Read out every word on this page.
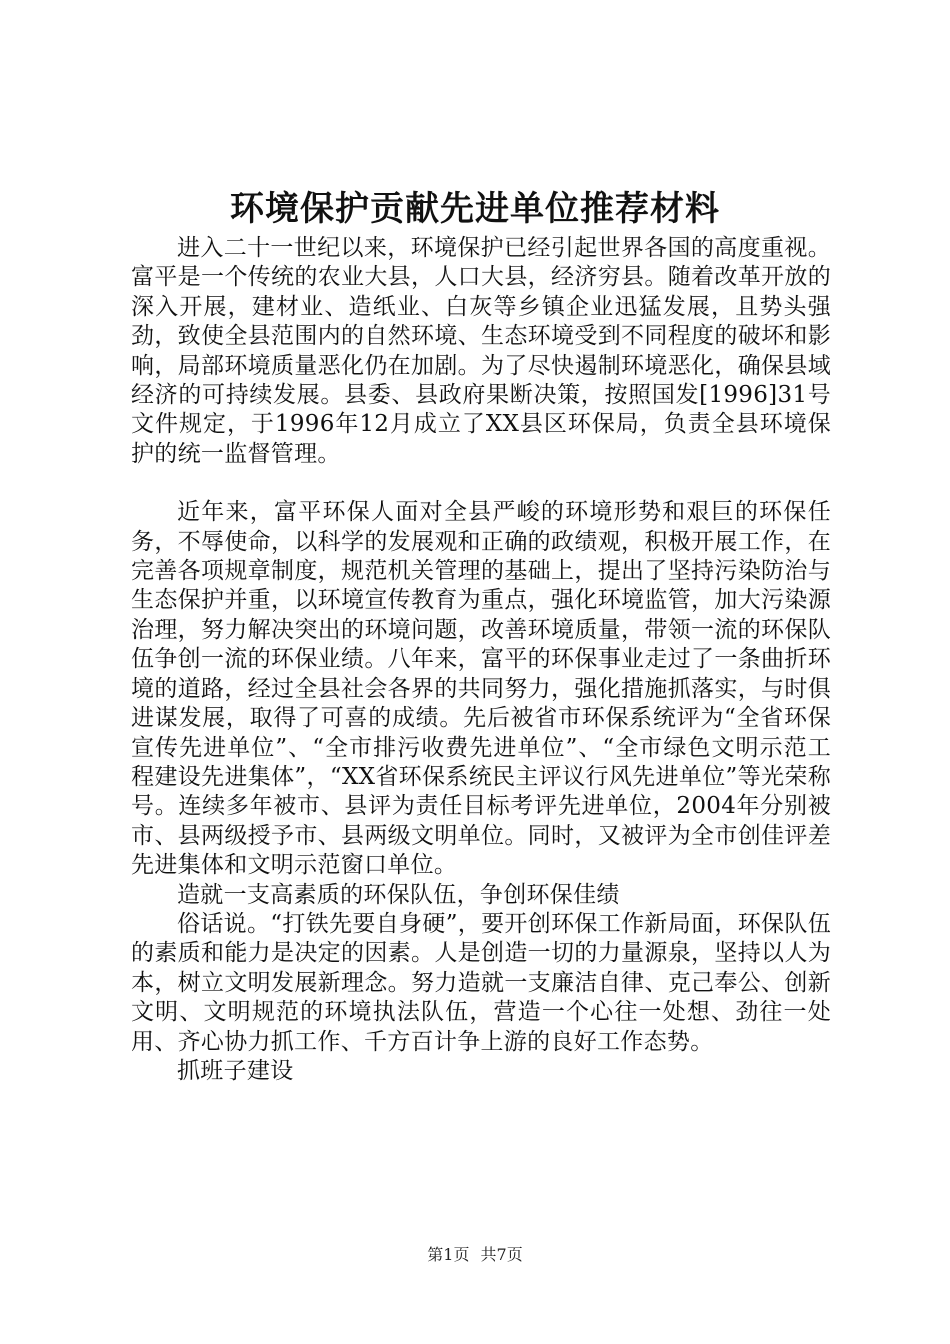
环境保护贡献先进单位推荐材料

进入二十一世纪以来，环境保护已经引起世界各国的高度重视。富平是一个传统的农业大县，人口大县，经济穷县。随着改革开放的深入开展，建材业、造纸业、白灰等乡镇企业迅猛发展，且势头强劲，致使全县范围内的自然环境、生态环境受到不同程度的破坏和影响，局部环境质量恶化仍在加剧。为了尽快遏制环境恶化，确保县域经济的可持续发展。县委、县政府果断决策，按照国发[1996]31号文件规定，于1996年12月成立了XX县区环保局，负责全县环境保护的统一监督管理。

近年来，富平环保人面对全县严峻的环境形势和艰巨的环保任务，不辱使命，以科学的发展观和正确的政绩观，积极开展工作，在完善各项规章制度，规范机关管理的基础上，提出了坚持污染防治与生态保护并重，以环境宣传教育为重点，强化环境监管，加大污染源治理，努力解决突出的环境问题，改善环境质量，带领一流的环保队伍争创一流的环保业绩。八年来，富平的环保事业走过了一条曲折环境的道路，经过全县社会各界的共同努力，强化措施抓落实，与时俱进谋发展，取得了可喜的成绩。先后被省市环保系统评为“全省环保宣传先进单位”、“全市排污收费先进单位”、“全市绿色文明示范工程建设先进集体”，“XX省环保系统民主评议行风先进单位”等光荣称号。连续多年被市、县评为责任目标考评先进单位，2004年分别被市、县两级授予市、县两级文明单位。同时，又被评为全市创佳评差先进集体和文明示范窗口单位。

造就一支高素质的环保队伍，争创环保佳绩

俗话说。“打铁先要自身硬”，要开创环保工作新局面，环保队伍的素质和能力是决定的因素。人是创造一切的力量源泉，坚持以人为本，树立文明发展新理念。努力造就一支廉洁自律、克己奉公、创新文明、文明规范的环境执法队伍，营造一个心往一处想、劲往一处用、齐心协力抓工作、千方百计争上游的良好工作态势。

抓班子建设

第1页 共7页
